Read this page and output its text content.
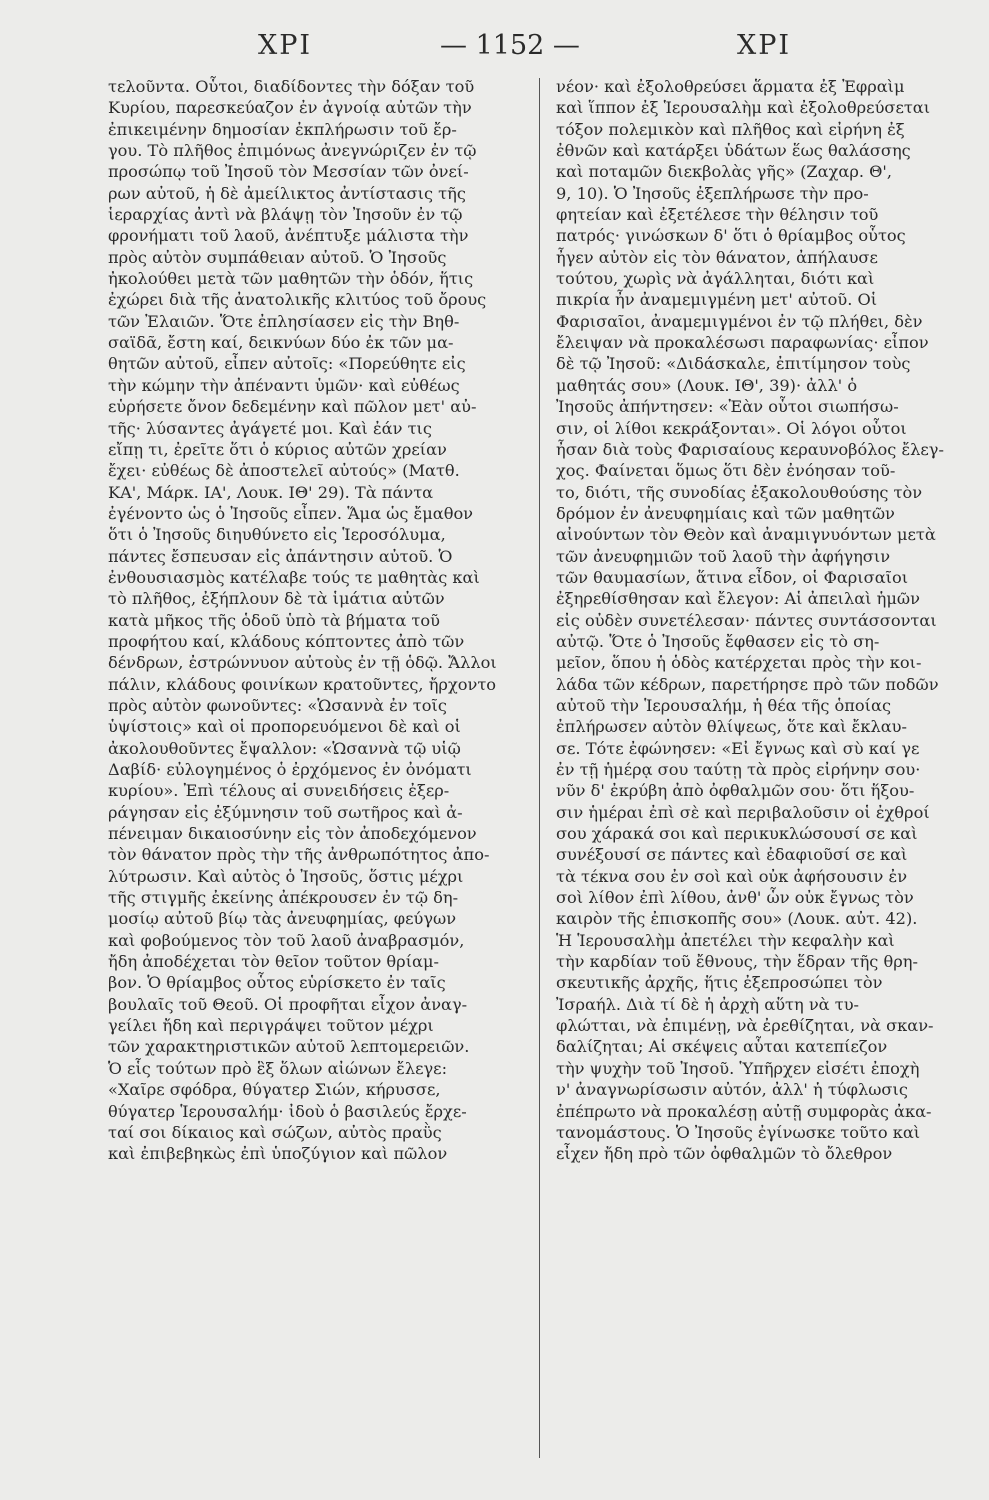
ΧΡΙ	— 1152 —	ΧΡΙ
τελοῦντα. Οὗτοι, διαδίδοντες τὴν δόξαν τοῦ
Κυρίου, παρεσκεύαζον ἐν ἀγνοίᾳ αὐτῶν τὴν
ἐπικειμένην δημοσίαν ἐκπλήρωσιν τοῦ ἔρ-
γου. Τὸ πλῆθος ἐπιμόνως ἀνεγνώριζεν ἐν τῷ
προσώπῳ τοῦ Ἰησοῦ τὸν Μεσσίαν τῶν ὀνεί-
ρων αὐτοῦ, ἡ δὲ ἀμείλικτος ἀντίστασις τῆς
ἱεραρχίας ἀντὶ νὰ βλάψῃ τὸν Ἰησοῦν ἐν τῷ
φρονήματι τοῦ λαοῦ, ἀνέπτυξε μάλιστα τὴν
πρὸς αὐτὸν συμπάθειαν αὐτοῦ. Ὁ Ἰησοῦς
ἠκολούθει μετὰ τῶν μαθητῶν τὴν ὁδόν, ἥτις
ἐχώρει διὰ τῆς ἀνατολικῆς κλιτύος τοῦ ὄρους
τῶν Ἐλαιῶν. Ὅτε ἐπλησίασεν εἰς τὴν Βηθ-
σαϊδᾶ, ἔστη καί, δεικνύων δύο ἐκ τῶν μα-
θητῶν αὐτοῦ, εἶπεν αὐτοῖς: «Πορεύθητε εἰς
τὴν κώμην τὴν ἀπέναντι ὑμῶν· καὶ εὐθέως
εὑρήσετε ὄνον δεδεμένην καὶ πῶλον μετ' αὐ-
τῆς· λύσαντες ἀγάγετέ μοι. Καὶ ἐάν τις
εἴπῃ τι, ἐρεῖτε ὅτι ὁ κύριος αὐτῶν χρείαν
ἔχει· εὐθέως δὲ ἀποστελεῖ αὐτούς» (Ματθ.
ΚΑ', Μάρκ. ΙΑ', Λουκ. ΙΘ' 29). Τὰ πάντα
ἐγένοντο ὡς ὁ Ἰησοῦς εἶπεν. Ἅμα ὡς ἔμαθον
ὅτι ὁ Ἰησοῦς διηυθύνετο εἰς Ἱεροσόλυμα,
πάντες ἔσπευσαν εἰς ἀπάντησιν αὐτοῦ. Ὁ
ἐνθουσιασμὸς κατέλαβε τούς τε μαθητὰς καὶ
τὸ πλῆθος, ἐξήπλουν δὲ τὰ ἱμάτια αὐτῶν
κατὰ μῆκος τῆς ὁδοῦ ὑπὸ τὰ βήματα τοῦ
προφήτου καί, κλάδους κόπτοντες ἀπὸ τῶν
δένδρων, ἐστρώννυον αὐτοὺς ἐν τῇ ὁδῷ. Ἄλλοι
πάλιν, κλάδους φοινίκων κρατοῦντες, ἤρχοντο
πρὸς αὐτὸν φωνοῦντες: «Ὡσαννὰ ἐν τοῖς
ὑψίστοις» καὶ οἱ προπορευόμενοι δὲ καὶ οἱ
ἀκολουθοῦντες ἔψαλλον: «Ὡσαννὰ τῷ υἱῷ
Δαβίδ· εὐλογημένος ὁ ἐρχόμενος ἐν ὀνόματι
κυρίου». Ἐπὶ τέλους αἱ συνειδήσεις ἐξερ-
ράγησαν εἰς ἐξύμνησιν τοῦ σωτῆρος καὶ ἀ-
πένειμαν δικαιοσύνην εἰς τὸν ἀποδεχόμενον
τὸν θάνατον πρὸς τὴν τῆς ἀνθρωπότητος ἀπο-
λύτρωσιν. Καὶ αὐτὸς ὁ Ἰησοῦς, ὅστις μέχρι
τῆς στιγμῆς ἐκείνης ἀπέκρουσεν ἐν τῷ δη-
μοσίῳ αὐτοῦ βίῳ τὰς ἀνευφημίας, φεύγων
καὶ φοβούμενος τὸν τοῦ λαοῦ ἀναβρασμόν,
ἤδη ἀποδέχεται τὸν θεῖον τοῦτον θρίαμ-
βον. Ὁ θρίαμβος οὗτος εὑρίσκετο ἐν ταῖς
βουλαῖς τοῦ Θεοῦ. Οἱ προφῆται εἶχον ἀναγ-
γείλει ἤδη καὶ περιγράψει τοῦτον μέχρι
τῶν χαρακτηριστικῶν αὐτοῦ λεπτομερειῶν.
Ὁ εἷς τούτων πρὸ ἓξ ὅλων αἰώνων ἔλεγε:
«Χαῖρε σφόδρα, θύγατερ Σιών, κήρυσσε,
θύγατερ Ἱερουσαλήμ· ἰδοὺ ὁ βασιλεύς ἔρχε-
ταί σοι δίκαιος καὶ σώζων, αὐτὸς πραῢς
καὶ ἐπιβεβηκὼς ἐπὶ ὑποζύγιον καὶ πῶλον
νέον· καὶ ἐξολοθρεύσει ἅρματα ἐξ Ἐφραὶμ
καὶ ἵππον ἐξ Ἱερουσαλὴμ καὶ ἐξολοθρεύσεται
τόξον πολεμικὸν καὶ πλῆθος καὶ εἰρήνη ἐξ
ἐθνῶν καὶ κατάρξει ὑδάτων ἕως θαλάσσης
καὶ ποταμῶν διεκβολὰς γῆς» (Ζαχαρ. Θ',
9, 10). Ὁ Ἰησοῦς ἐξεπλήρωσε τὴν προ-
φητείαν καὶ ἐξετέλεσε τὴν θέλησιν τοῦ
πατρός· γινώσκων δ' ὅτι ὁ θρίαμβος οὗτος
ἦγεν αὐτὸν εἰς τὸν θάνατον, ἀπήλαυσε
τούτου, χωρὶς νὰ ἀγάλληται, διότι καὶ
πικρία ἦν ἀναμεμιγμένη μετ' αὐτοῦ. Οἱ
Φαρισαῖοι, ἀναμεμιγμένοι ἐν τῷ πλήθει, δὲν
ἔλειψαν νὰ προκαλέσωσι παραφωνίας· εἶπον
δὲ τῷ Ἰησοῦ: «Διδάσκαλε, ἐπιτίμησον τοὺς
μαθητάς σου» (Λουκ. ΙΘ', 39)· ἀλλ' ὁ
Ἰησοῦς ἀπήντησεν: «Ἐὰν οὗτοι σιωπήσω-
σιν, οἱ λίθοι κεκράξονται». Οἱ λόγοι οὗτοι
ἦσαν διὰ τοὺς Φαρισαίους κεραυνοβόλος ἔλεγ-
χος. Φαίνεται ὅμως ὅτι δὲν ἐνόησαν τοῦ-
το, διότι, τῆς συνοδίας ἐξακολουθούσης τὸν
δρόμον ἐν ἀνευφημίαις καὶ τῶν μαθητῶν
αἰνούντων τὸν Θεὸν καὶ ἀναμιγνυόντων μετὰ
τῶν ἀνευφημιῶν τοῦ λαοῦ τὴν ἀφήγησιν
τῶν θαυμασίων, ἅτινα εἶδον, οἱ Φαρισαῖοι
ἐξηρεθίσθησαν καὶ ἔλεγον: Αἱ ἀπειλαὶ ἡμῶν
εἰς οὐδὲν συνετέλεσαν· πάντες συντάσσονται
αὐτῷ. Ὅτε ὁ Ἰησοῦς ἔφθασεν εἰς τὸ ση-
μεῖον, ὅπου ἡ ὁδὸς κατέρχεται πρὸς τὴν κοι-
λάδα τῶν κέδρων, παρετήρησε πρὸ τῶν ποδῶν
αὐτοῦ τὴν Ἱερουσαλήμ, ἡ θέα τῆς ὁποίας
ἐπλήρωσεν αὐτὸν θλίψεως, ὅτε καὶ ἔκλαυ-
σε. Τότε ἐφώνησεν: «Εἰ ἔγνως καὶ σὺ καί γε
ἐν τῇ ἡμέρᾳ σου ταύτῃ τὰ πρὸς εἰρήνην σου·
νῦν δ' ἐκρύβη ἀπὸ ὀφθαλμῶν σου· ὅτι ἥξου-
σιν ἡμέραι ἐπὶ σὲ καὶ περιβαλοῦσιν οἱ ἐχθροί
σου χάρακά σοι καὶ περικυκλώσουσί σε καὶ
συνέξουσί σε πάντες καὶ ἐδαφιοῦσί σε καὶ
τὰ τέκνα σου ἐν σοὶ καὶ οὐκ ἀφήσουσιν ἐν
σοὶ λίθον ἐπὶ λίθου, ἀνθ' ὧν οὐκ ἔγνως τὸν
καιρὸν τῆς ἐπισκοπῆς σου» (Λουκ. αὐτ. 42).
Ἡ Ἱερουσαλὴμ ἀπετέλει τὴν κεφαλὴν καὶ
τὴν καρδίαν τοῦ ἔθνους, τὴν ἕδραν τῆς θρη-
σκευτικῆς ἀρχῆς, ἥτις ἐξεπροσώπει τὸν
Ἰσραήλ. Διὰ τί δὲ ἡ ἀρχὴ αὕτη νὰ τυ-
φλώτται, νὰ ἐπιμένῃ, νὰ ἐρεθίζηται, νὰ σκαν-
δαλίζηται; Αἱ σκέψεις αὗται κατεπίεζον
τὴν ψυχὴν τοῦ Ἰησοῦ. Ὑπῆρχεν εἰσέτι ἐποχὴ
ν' ἀναγνωρίσωσιν αὐτόν, ἀλλ' ἡ τύφλωσις
ἐπέπρωτο νὰ προκαλέσῃ αὐτῇ συμφορὰς ἀκα-
τανομάστους. Ὁ Ἰησοῦς ἐγίνωσκε τοῦτο καὶ
εἶχεν ἤδη πρὸ τῶν ὀφθαλμῶν τὸ ὄλεθρον
